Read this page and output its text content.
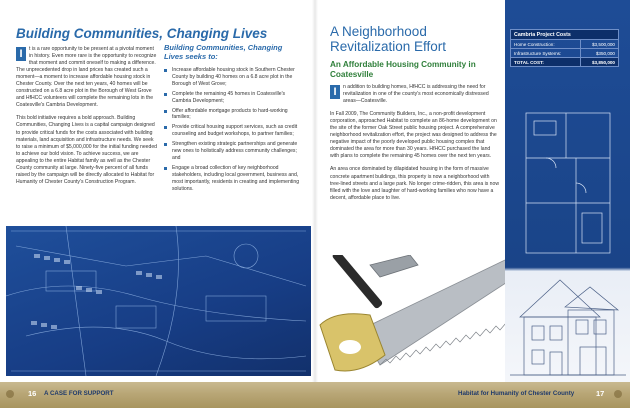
Building Communities, Changing Lives

I	t is a rare opportunity to be present at a pivotal moment in history. Even more rare is the opportunity to recognize that moment and commit oneself to making a difference. The unprecedented drop in land prices has created such a moment—a moment to increase affordable housing stock in Chester County. Over the next ten years, 40 homes will be constructed on a 6.8 acre plot in the Borough of West Grove and HfHCC volunteers will complete the remaining lots in the Coatesville's Cambria Development.

This bold initiative requires a bold approach. Building Communities, Changing Lives is a capital campaign designed to provide critical funds for the costs associated with building materials, land acquisition and infrastructure needs. We seek to raise a minimum of $5,000,000 for the initial funding needed to achieve our bold vision. To achieve success, we are appealing to the entire Habitat family as well as the Chester County community at large. Ninety-five percent of all funds raised by the campaign will be directly allocated to Habitat for Humanity of Chester County's Construction Program.

Building Communities, Changing Lives seeks to:
Increase affordable housing stock in Southern Chester County by building 40 homes on a 6.8 acre plot in the Borough of West Grove;
Complete the remaining 45 homes in Coatesville's Cambria Development;
Offer affordable mortgage products to hard-working families;
Provide critical housing support services, such as credit counseling and budget workshops, to partner families;
Strengthen existing strategic partnerships and generate new ones to holistically address community challenges; and
Engage a broad collection of key neighborhood stakeholders, including local government, business and, most importantly, residents in creating and implementing solutions.
A Neighborhood Revitalization Effort
An Affordable Housing Community in Coatesville

I	n addition to building homes, HfHCC is addressing the need for revitalization in one of the county's most economically distressed areas—Coatesville.

In Fall 2009, The Community Builders, Inc., a non-profit development corporation, approached Habitat to complete an 86-home development on the site of the former Oak Street public housing project. A comprehensive neighborhood revitalization effort, the project was designed to address the negative impact of the poorly developed public housing complex that dominated the area for more than 30 years. HfHCC purchased the land with plans to complete the remaining 45 homes over the next ten years.

An area once dominated by dilapidated housing in the form of massive concrete apartment buildings, this property is now a neighborhood with tree-lined streets and a large park. No longer crime-ridden, this area is now filled with the love and laughter of hard-working families who now have a decent, affordable place to live.

Cambria Project Costs	
Home Construction:	$3,500,000
Infrastructure Systems:	$350,000
TOTAL COST:	$3,850,000
16 A CASE FOR SUPPORT	Habitat for Humanity of Chester County	17
